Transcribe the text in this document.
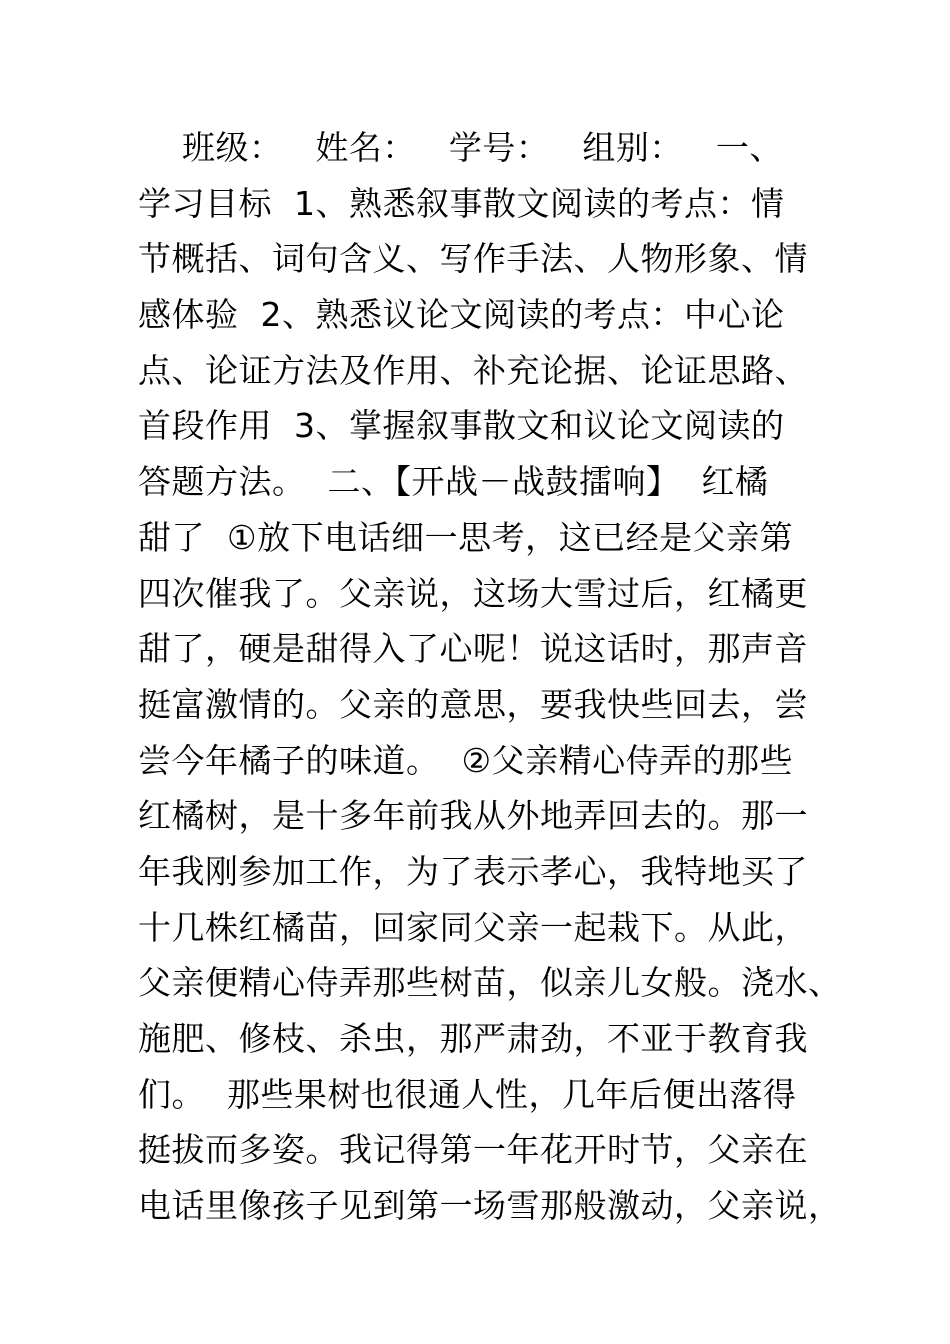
班级：   姓名：   学号：   组别：   一、
学习目标  1、熟悉叙事散文阅读的考点：情
节概括、词句含义、写作手法、人物形象、情
感体验  2、熟悉议论文阅读的考点：中心论
点、论证方法及作用、补充论据、论证思路、
首段作用  3、掌握叙事散文和议论文阅读的
答题方法。  二、【开战－战鼓擂响】  红橘
甜了  ①放下电话细一思考，这已经是父亲第
四次催我了。父亲说，这场大雪过后，红橘更
甜了，硬是甜得入了心呢！说这话时，那声音
挺富激情的。父亲的意思，要我快些回去，尝
尝今年橘子的味道。  ②父亲精心侍弄的那些
红橘树，是十多年前我从外地弄回去的。那一
年我刚参加工作，为了表示孝心，我特地买了
十几株红橘苗，回家同父亲一起栽下。从此，
父亲便精心侍弄那些树苗，似亲儿女般。浇水、
施肥、修枝、杀虫，那严肃劲，不亚于教育我
们。  那些果树也很通人性，几年后便出落得
挺拔而多姿。我记得第一年花开时节，父亲在
电话里像孩子见到第一场雪那般激动，父亲说，
